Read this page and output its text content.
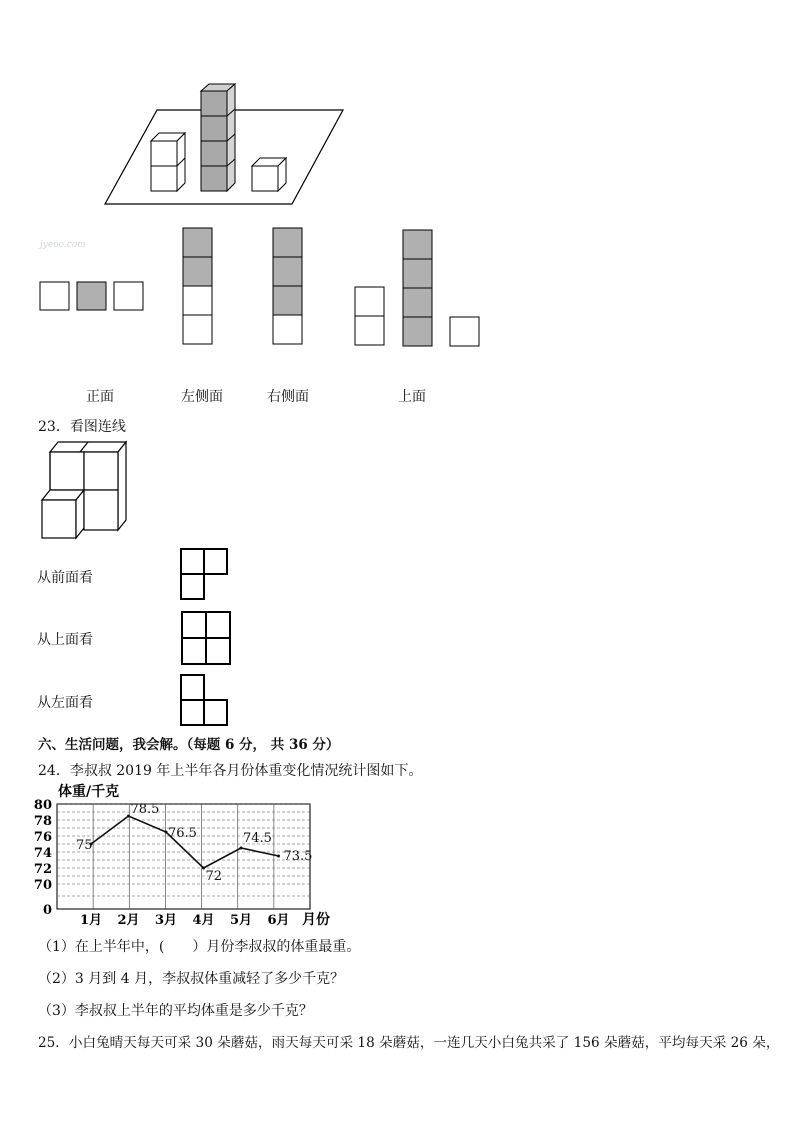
jyeoo.com
正面	左侧面	右侧面	上面
23．看图连线
从前面看
从上面看
从左面看
六、生活问题，我会解。（每题 6 分， 共 36 分）
24．李叔叔 2019 年上半年各月份体重变化情况统计图如下。
体重/千克
80
78
76
74
72
70
0
1月 2月 3月 4月 5月 6月
75
78.5
76.5
72
74.5
73.5
月份
（1）在上半年中，(　　）月份李叔叔的体重最重。
（2）3 月到 4 月，李叔叔体重减轻了多少千克？
（3）李叔叔上半年的平均体重是多少千克？
25．小白兔晴天每天可采 30 朵蘑菇，雨天每天可采 18 朵蘑菇，一连几天小白兔共采了 156 朵蘑菇，平均每天采 26 朵，
